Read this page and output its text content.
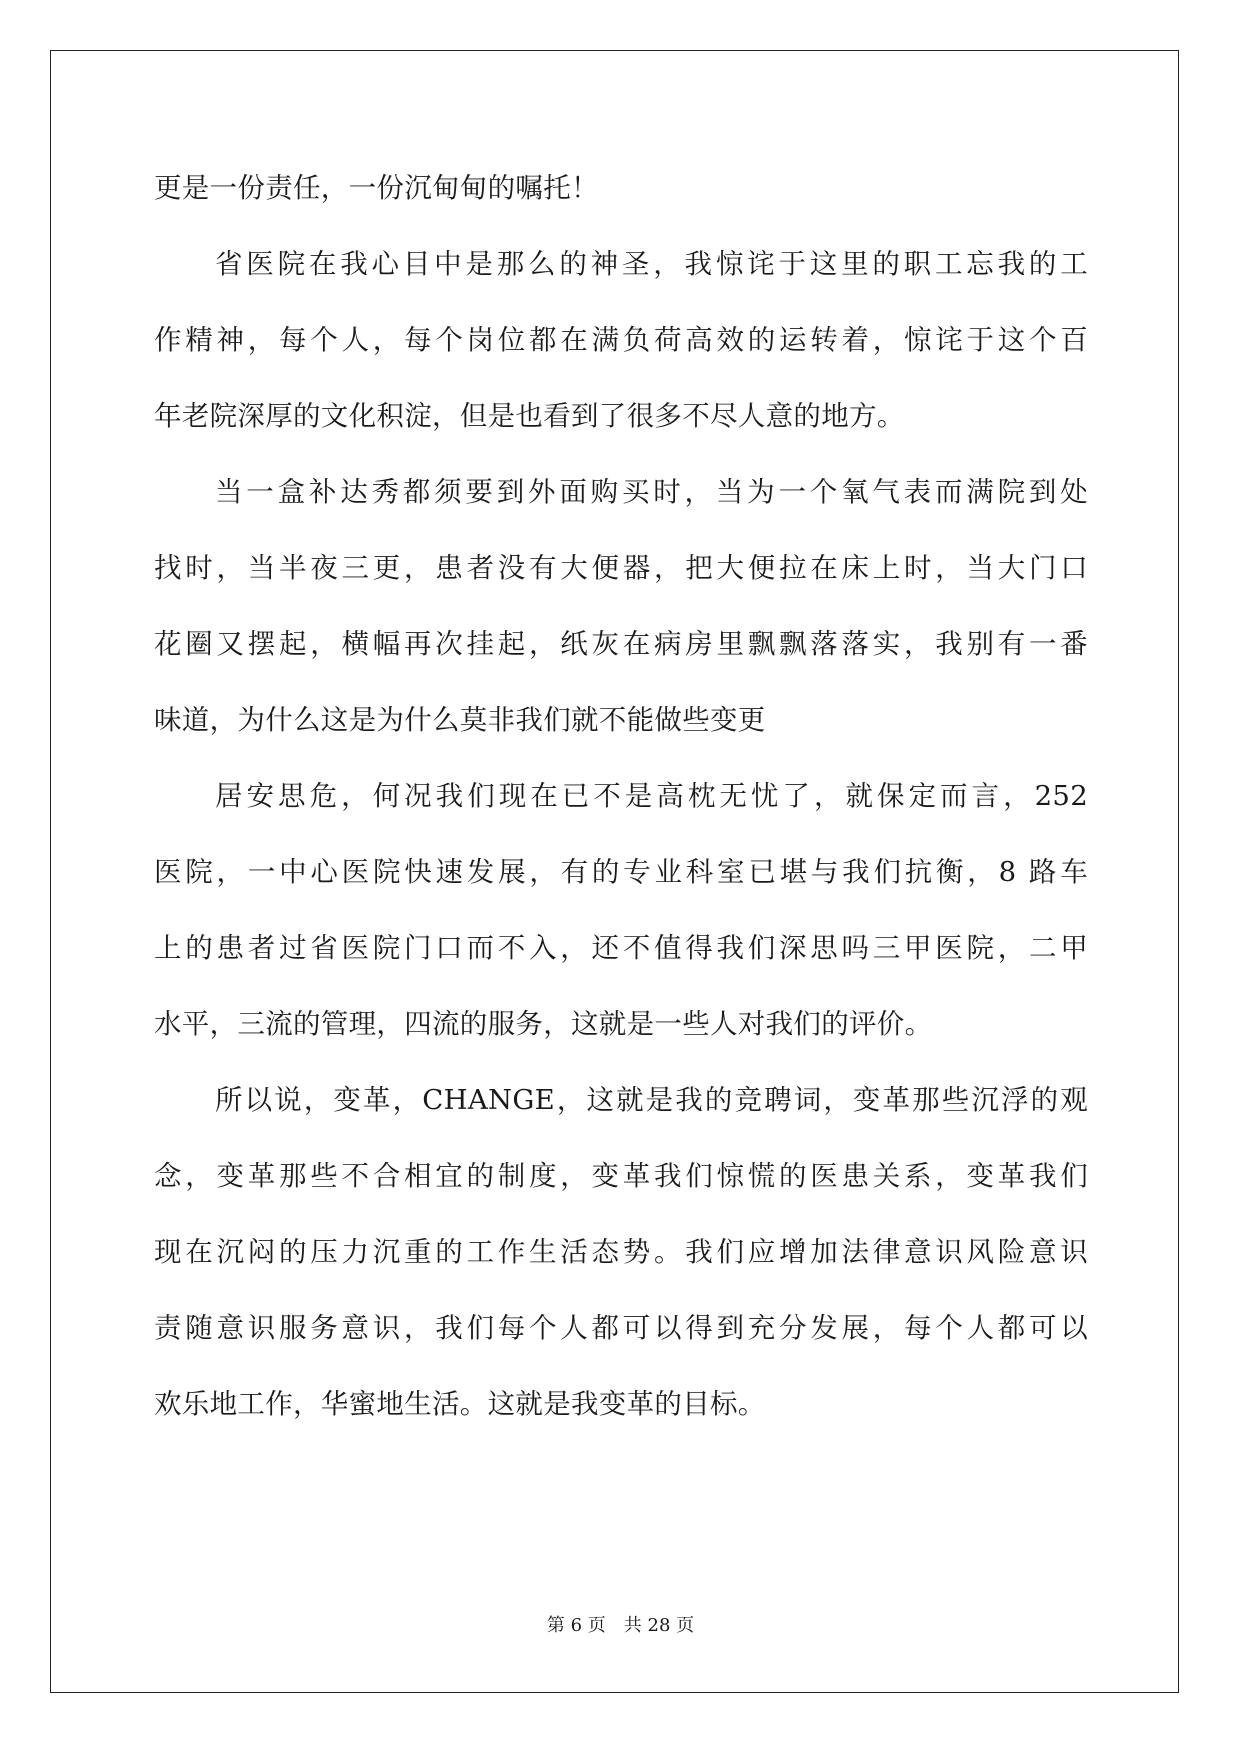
更是一份责任，一份沉甸甸的嘱托！
省医院在我心目中是那么的神圣，我惊诧于这里的职工忘我的工
作精神，每个人，每个岗位都在满负荷高效的运转着，惊诧于这个百
年老院深厚的文化积淀，但是也看到了很多不尽人意的地方。
当一盒补达秀都须要到外面购买时，当为一个氧气表而满院到处
找时，当半夜三更，患者没有大便器，把大便拉在床上时，当大门口
花圈又摆起，横幅再次挂起，纸灰在病房里飘飘落落实，我别有一番
味道，为什么这是为什么莫非我们就不能做些变更
居安思危，何况我们现在已不是高枕无忧了，就保定而言，252
医院，一中心医院快速发展，有的专业科室已堪与我们抗衡，8 路车
上的患者过省医院门口而不入，还不值得我们深思吗三甲医院，二甲
水平，三流的管理，四流的服务，这就是一些人对我们的评价。
所以说，变革，CHANGE，这就是我的竞聘词，变革那些沉浮的观
念，变革那些不合相宜的制度，变革我们惊慌的医患关系，变革我们
现在沉闷的压力沉重的工作生活态势。我们应增加法律意识风险意识
责随意识服务意识，我们每个人都可以得到充分发展，每个人都可以
欢乐地工作，华蜜地生活。这就是我变革的目标。
第 6 页 共 28 页
